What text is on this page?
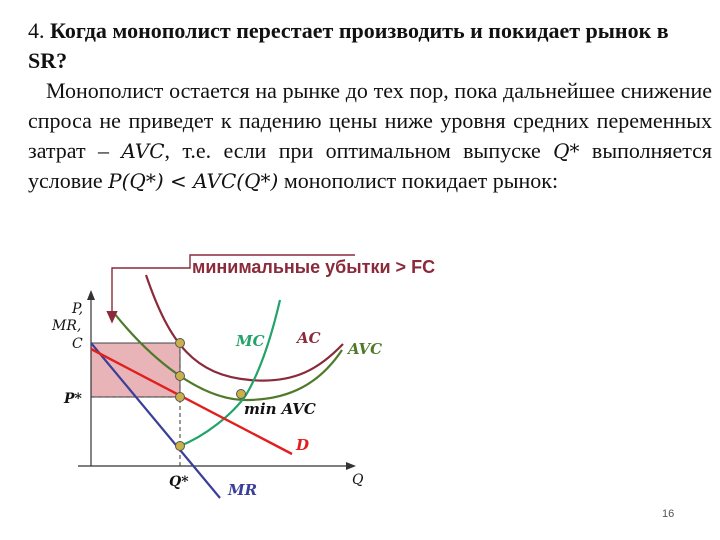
4. Когда монополист перестает производить и покидает рынок в SR?
Монополист остается на рынке до тех пор, пока дальнейшее снижение спроса не приведет к падению цены ниже уровня средних переменных затрат – AVC, т.е. если при оптимальном выпуске Q* выполняется условие P(Q*) < AVC(Q*) монополист покидает рынок:
минимальные убытки > FC
P,
MR,
C
Q
P*
Q*
MC AC
AVC
min AVC
D
MR
16
